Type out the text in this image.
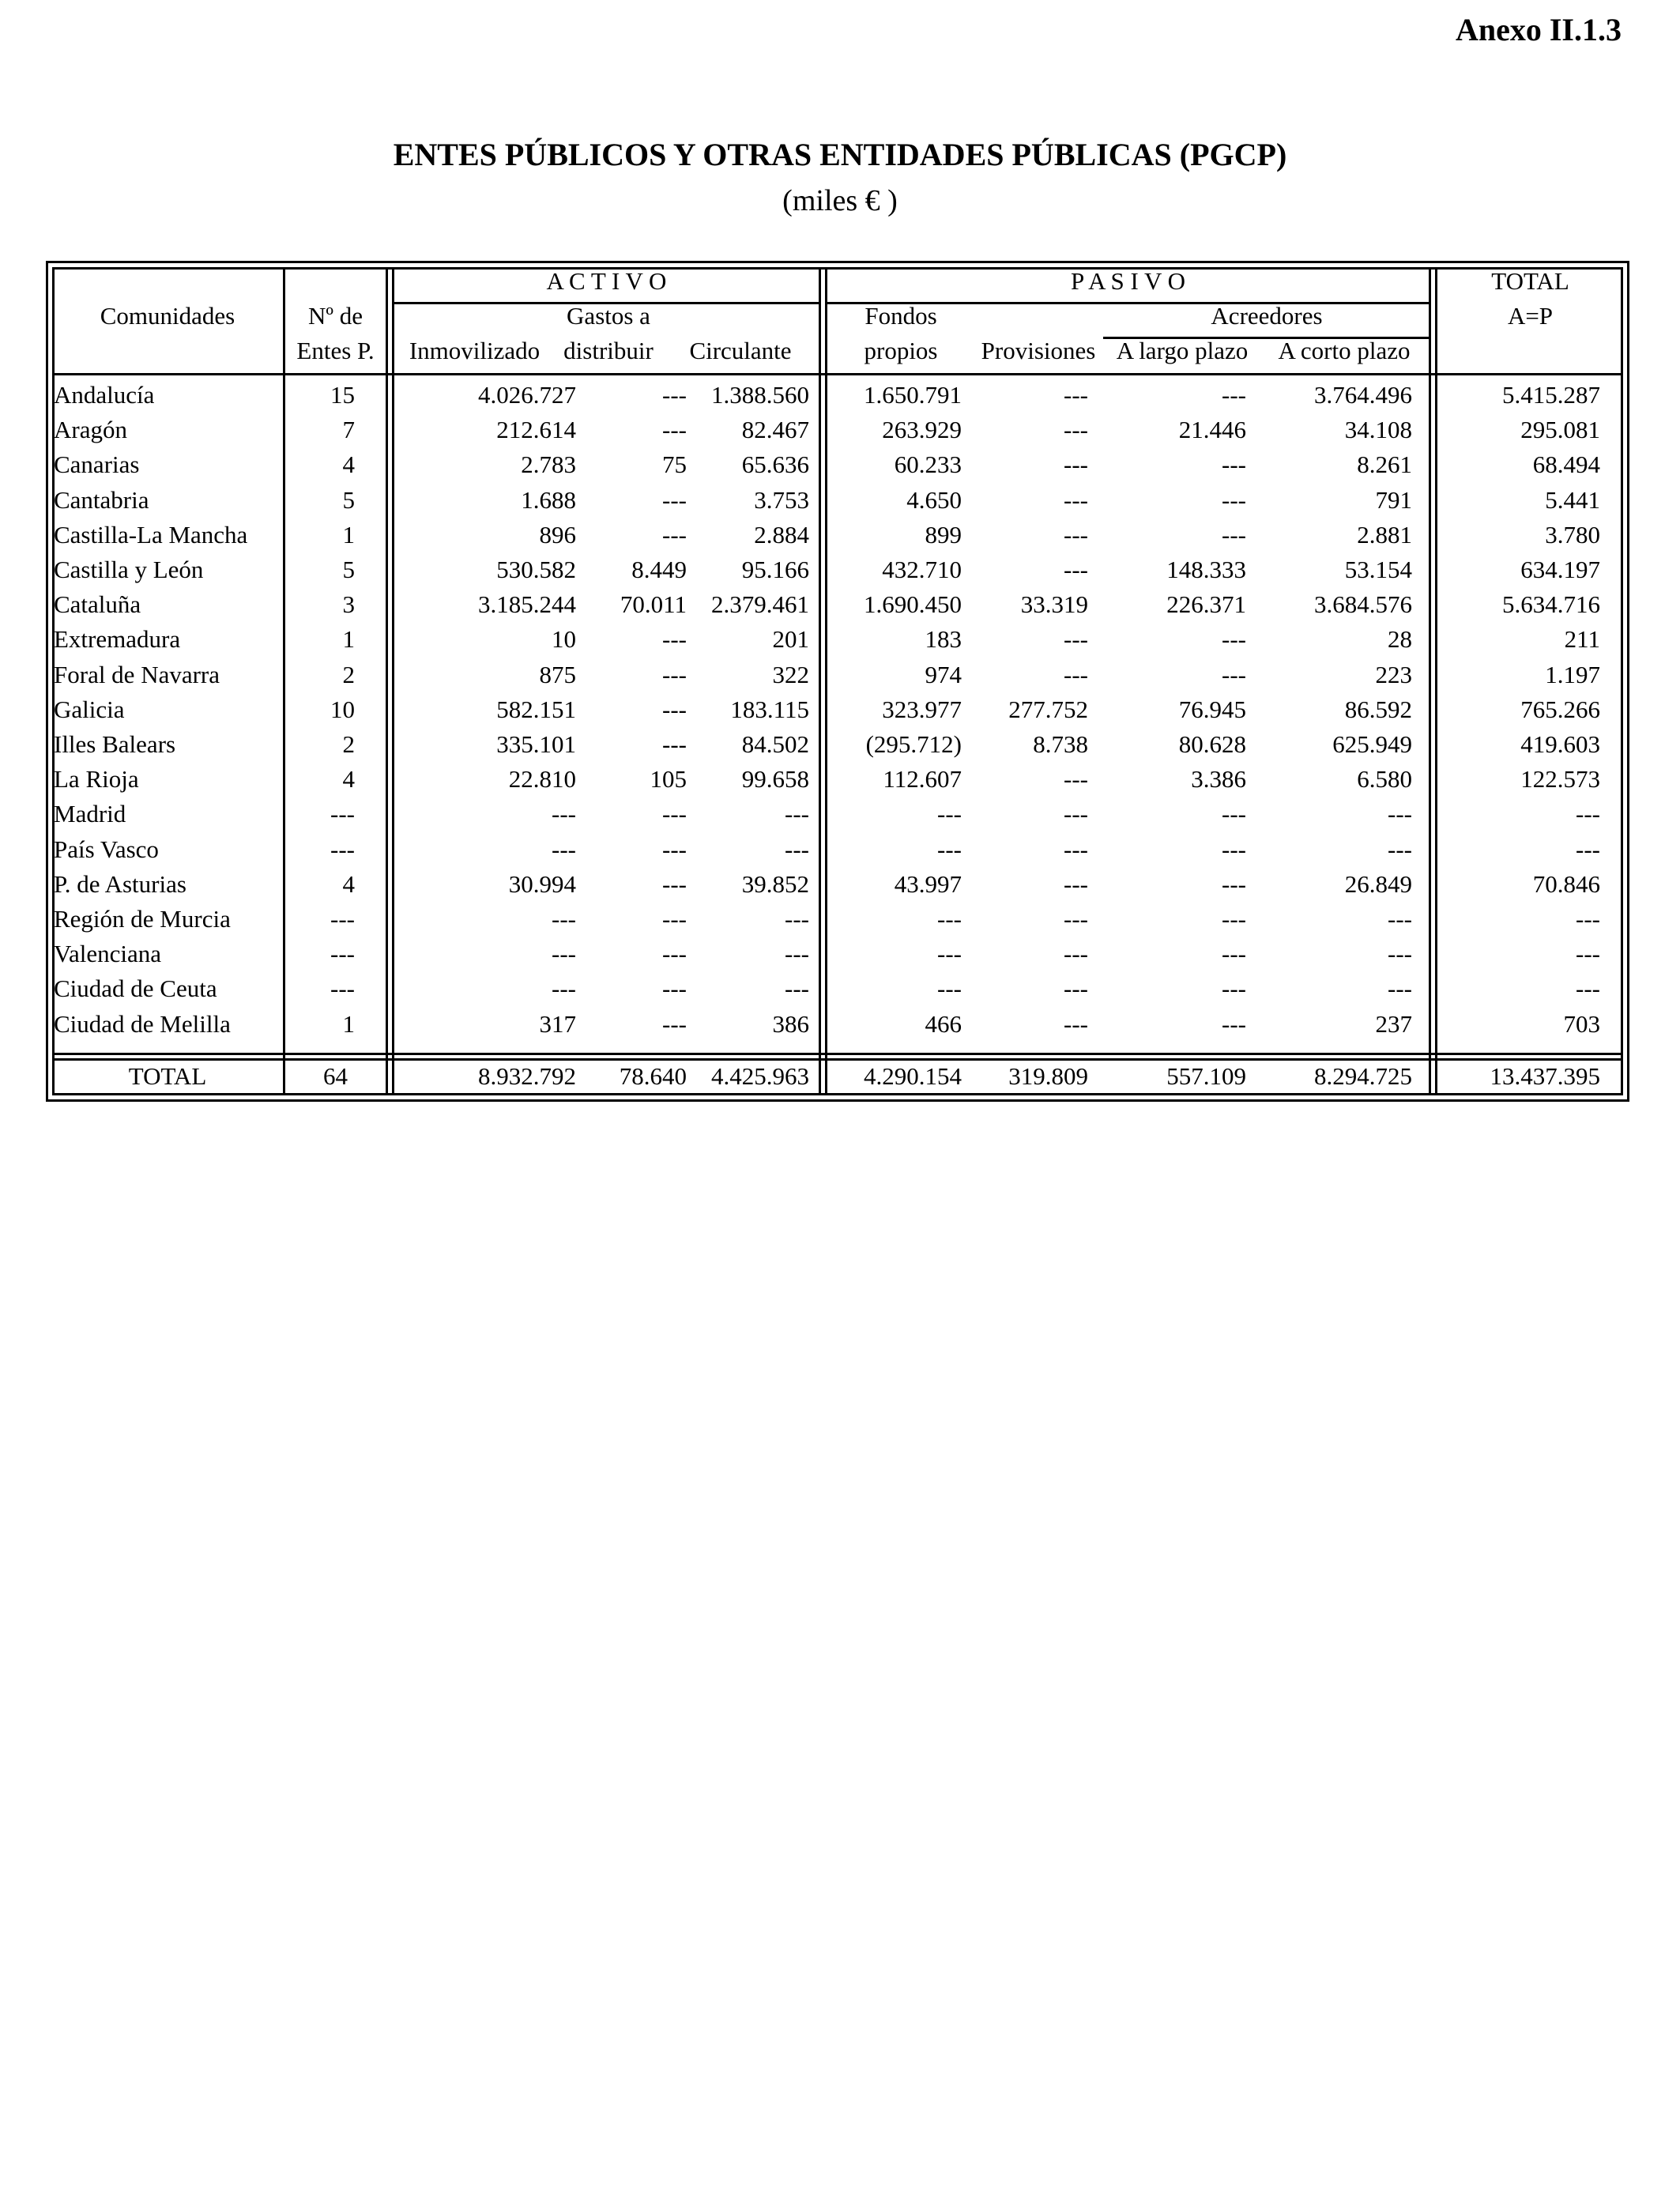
Anexo II.1.3
ENTES PÚBLICOS Y OTRAS ENTIDADES PÚBLICAS (PGCP)
(miles € )
Comunidades	Nº de
Entes P.
A C T I V O	P A S I V O	TOTAL
A=P
Gastos a
distribuir
Inmovilizado	Circulante
Fondos
propios	Provisiones
Acreedores
A largo plazo	A corto plazo
Andalucía	15	4.026.727	---	1.388.560	1.650.791	---	---	3.764.496	5.415.287
Aragón	7	212.614	---	82.467	263.929	---	21.446	34.108	295.081
Canarias	4	2.783	75	65.636	60.233	---	---	8.261	68.494
Cantabria	5	1.688	---	3.753	4.650	---	---	791	5.441
Castilla-La Mancha	1	896	---	2.884	899	---	---	2.881	3.780
Castilla y León	5	530.582	8.449	95.166	432.710	---	148.333	53.154	634.197
Cataluña	3	3.185.244	70.011	2.379.461	1.690.450	33.319	226.371	3.684.576	5.634.716
Extremadura	1	10	---	201	183	---	---	28	211
Foral de Navarra	2	875	---	322	974	---	---	223	1.197
Galicia	10	582.151	---	183.115	323.977	277.752	76.945	86.592	765.266
Illes Balears	2	335.101	---	84.502	(295.712)	8.738	80.628	625.949	419.603
La Rioja	4	22.810	105	99.658	112.607	---	3.386	6.580	122.573
Madrid	---	---	---	---	---	---	---	---	---
País Vasco	---	---	---	---	---	---	---	---	---
P. de Asturias	4	30.994	---	39.852	43.997	---	---	26.849	70.846
Región de Murcia	---	---	---	---	---	---	---	---	---
Valenciana	---	---	---	---	---	---	---	---	---
Ciudad de Ceuta	---	---	---	---	---	---	---	---	---
Ciudad de Melilla	1	317	---	386	466	---	---	237	703
TOTAL	64	8.932.792	78.640	4.425.963	4.290.154	319.809	557.109	8.294.725	13.437.395
